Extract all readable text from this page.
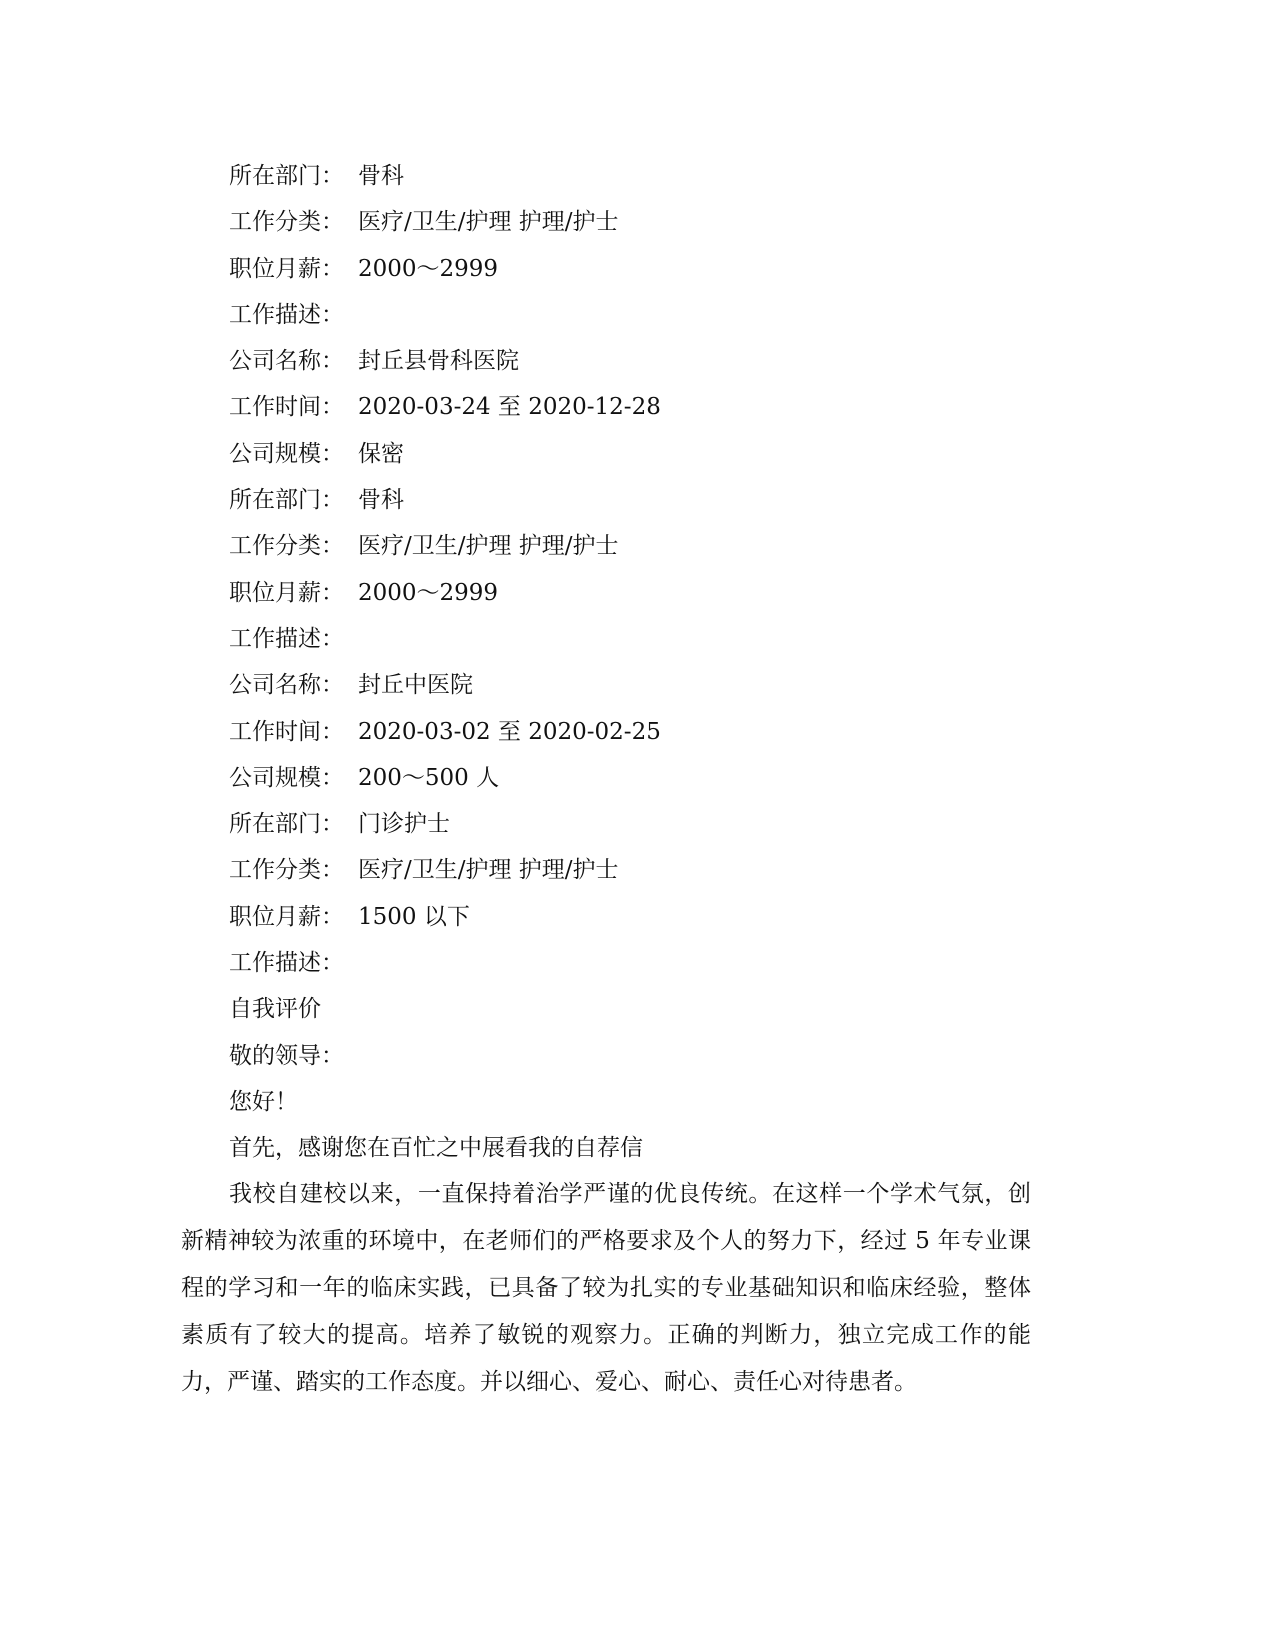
所在部门： 骨科
工作分类： 医疗/卫生/护理 护理/护士
职位月薪： 2000～2999
工作描述：
公司名称： 封丘县骨科医院
工作时间： 2020-03-24 至 2020-12-28
公司规模： 保密
所在部门： 骨科
工作分类： 医疗/卫生/护理 护理/护士
职位月薪： 2000～2999
工作描述：
公司名称： 封丘中医院
工作时间： 2020-03-02 至 2020-02-25
公司规模： 200～500 人
所在部门： 门诊护士
工作分类： 医疗/卫生/护理 护理/护士
职位月薪： 1500 以下
工作描述：
自我评价
敬的领导：
您好！
首先，感谢您在百忙之中展看我的自荐信

我校自建校以来，一直保持着治学严谨的优良传统。在这样一个学术气氛，创新精神较为浓重的环境中，在老师们的严格要求及个人的努力下，经过 5 年专业课程的学习和一年的临床实践，已具备了较为扎实的专业基础知识和临床经验，整体素质有了较大的提高。培养了敏锐的观察力。正确的判断力，独立完成工作的能力，严谨、踏实的工作态度。并以细心、爱心、耐心、责任心对待患者。
